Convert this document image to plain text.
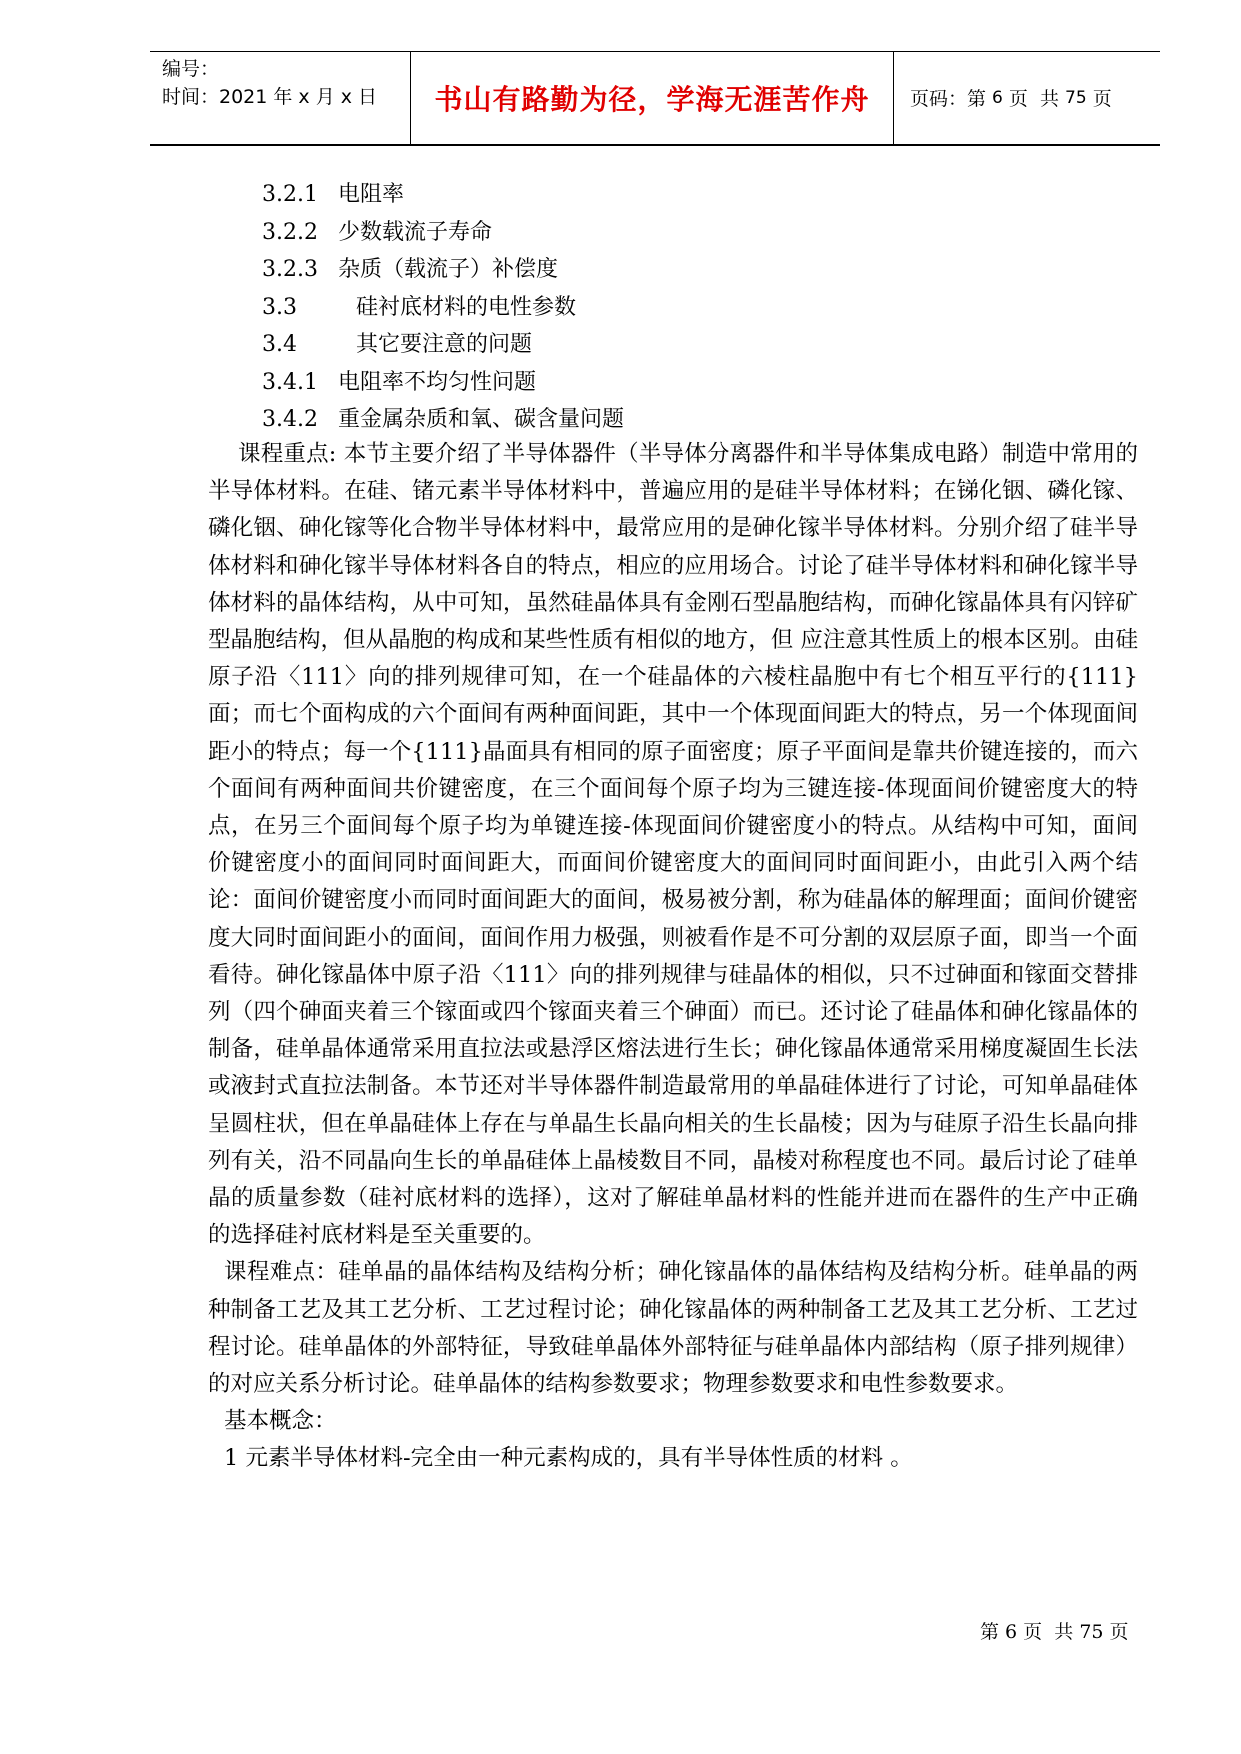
编号：
时间：2021 年 x 月 x 日	书山有路勤为径，学海无涯苦作舟	页码：第 6 页  共 75 页
3.2.1 电阻率
3.2.2 少数载流子寿命
3.2.3 杂质（载流子）补偿度
3.3	硅衬底材料的电性参数
3.4	其它要注意的问题
3.4.1 电阻率不均匀性问题
3.4.2 重金属杂质和氧、碳含量问题

课程重点: 本节主要介绍了半导体器件（半导体分离器件和半导体集成电路）制造中常用的半导体材料。在硅、锗元素半导体材料中，普遍应用的是硅半导体材料；在锑化铟、磷化镓、磷化铟、砷化镓等化合物半导体材料中，最常应用的是砷化镓半导体材料。分别介绍了硅半导体材料和砷化镓半导体材料各自的特点，相应的应用场合。讨论了硅半导体材料和砷化镓半导体材料的晶体结构，从中可知，虽然硅晶体具有金刚石型晶胞结构，而砷化镓晶体具有闪锌矿型晶胞结构，但从晶胞的构成和某些性质有相似的地方，但 应注意其性质上的根本区别。由硅原子沿〈111〉向的排列规律可知，在一个硅晶体的六棱柱晶胞中有七个相互平行的{111}面；而七个面构成的六个面间有两种面间距，其中一个体现面间距大的特点，另一个体现面间距小的特点；每一个{111}晶面具有相同的原子面密度；原子平面间是靠共价键连接的，而六个面间有两种面间共价键密度，在三个面间每个原子均为三键连接-体现面间价键密度大的特点，在另三个面间每个原子均为单键连接-体现面间价键密度小的特点。从结构中可知，面间价键密度小的面间同时面间距大，而面间价键密度大的面间同时面间距小，由此引入两个结论：面间价键密度小而同时面间距大的面间，极易被分割，称为硅晶体的解理面；面间价键密度大同时面间距小的面间，面间作用力极强，则被看作是不可分割的双层原子面，即当一个面看待。砷化镓晶体中原子沿〈111〉向的排列规律与硅晶体的相似，只不过砷面和镓面交替排列（四个砷面夹着三个镓面或四个镓面夹着三个砷面）而已。还讨论了硅晶体和砷化镓晶体的制备，硅单晶体通常采用直拉法或悬浮区熔法进行生长；砷化镓晶体通常采用梯度凝固生长法或液封式直拉法制备。本节还对半导体器件制造最常用的单晶硅体进行了讨论，可知单晶硅体呈圆柱状，但在单晶硅体上存在与单晶生长晶向相关的生长晶棱；因为与硅原子沿生长晶向排列有关，沿不同晶向生长的单晶硅体上晶棱数目不同，晶棱对称程度也不同。最后讨论了硅单晶的质量参数（硅衬底材料的选择），这对了解硅单晶材料的性能并进而在器件的生产中正确的选择硅衬底材料是至关重要的。

课程难点：硅单晶的晶体结构及结构分析；砷化镓晶体的晶体结构及结构分析。硅单晶的两种制备工艺及其工艺分析、工艺过程讨论；砷化镓晶体的两种制备工艺及其工艺分析、工艺过程讨论。硅单晶体的外部特征，导致硅单晶体外部特征与硅单晶体内部结构（原子排列规律）的对应关系分析讨论。硅单晶体的结构参数要求；物理参数要求和电性参数要求。

基本概念：

1 元素半导体材料-完全由一种元素构成的，具有半导体性质的材料 。

第 6 页  共 75 页
